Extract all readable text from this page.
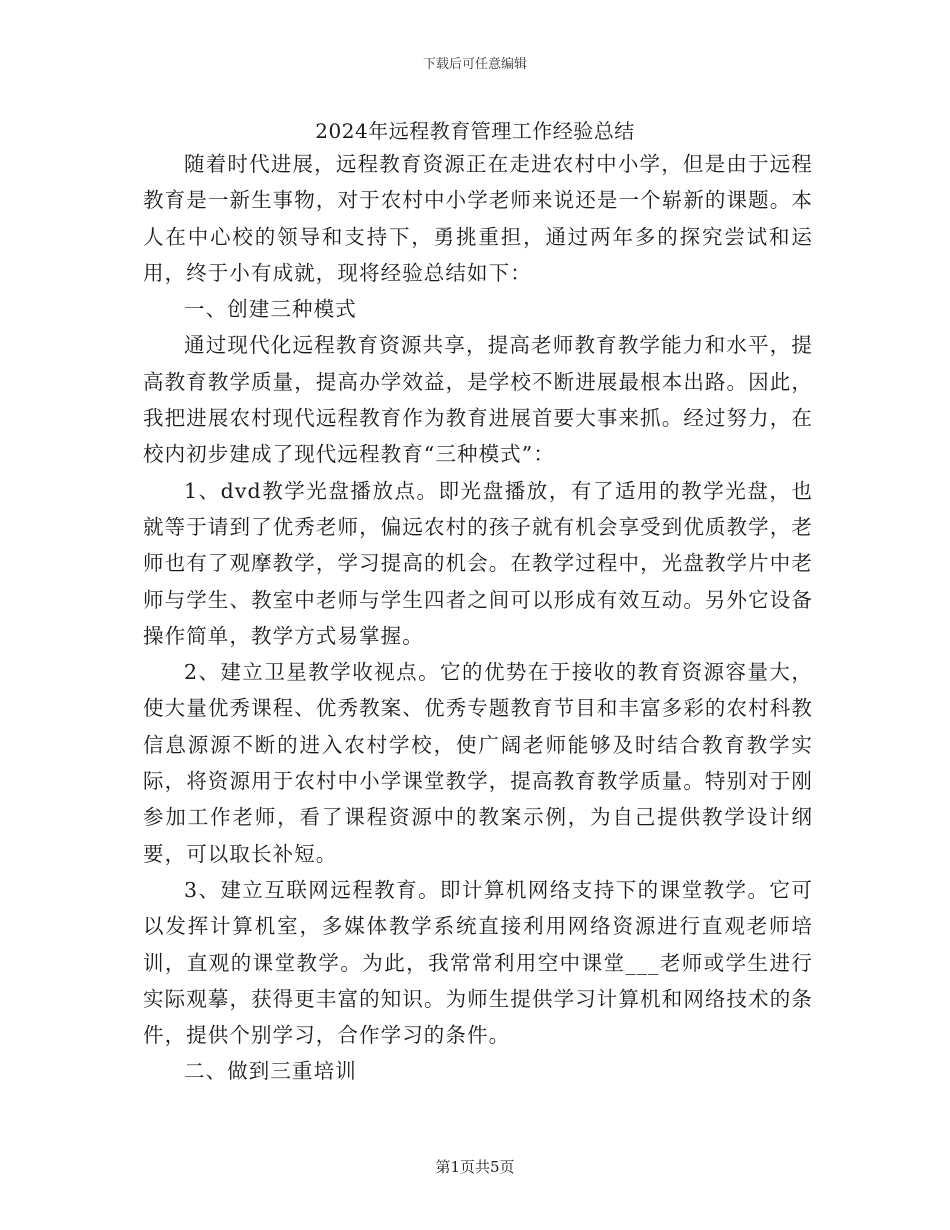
下载后可任意编辑
2024年远程教育管理工作经验总结

随着时代进展，远程教育资源正在走进农村中小学，但是由于远程教育是一新生事物，对于农村中小学老师来说还是一个崭新的课题。本人在中心校的领导和支持下，勇挑重担，通过两年多的探究尝试和运用，终于小有成就，现将经验总结如下：

一、创建三种模式

通过现代化远程教育资源共享，提高老师教育教学能力和水平，提高教育教学质量，提高办学效益，是学校不断进展最根本出路。因此，我把进展农村现代远程教育作为教育进展首要大事来抓。经过努力，在校内初步建成了现代远程教育“三种模式”：

1、dvd教学光盘播放点。即光盘播放，有了适用的教学光盘，也就等于请到了优秀老师，偏远农村的孩子就有机会享受到优质教学，老师也有了观摩教学，学习提高的机会。在教学过程中，光盘教学片中老师与学生、教室中老师与学生四者之间可以形成有效互动。另外它设备操作简单，教学方式易掌握。

2、建立卫星教学收视点。它的优势在于接收的教育资源容量大，使大量优秀课程、优秀教案、优秀专题教育节目和丰富多彩的农村科教信息源源不断的进入农村学校，使广阔老师能够及时结合教育教学实际，将资源用于农村中小学课堂教学，提高教育教学质量。特别对于刚参加工作老师，看了课程资源中的教案示例，为自己提供教学设计纲要，可以取长补短。

3、建立互联网远程教育。即计算机网络支持下的课堂教学。它可以发挥计算机室，多媒体教学系统直接利用网络资源进行直观老师培训，直观的课堂教学。为此，我常常利用空中课堂___老师或学生进行实际观摹，获得更丰富的知识。为师生提供学习计算机和网络技术的条件，提供个别学习，合作学习的条件。

二、做到三重培训

第1页共5页
